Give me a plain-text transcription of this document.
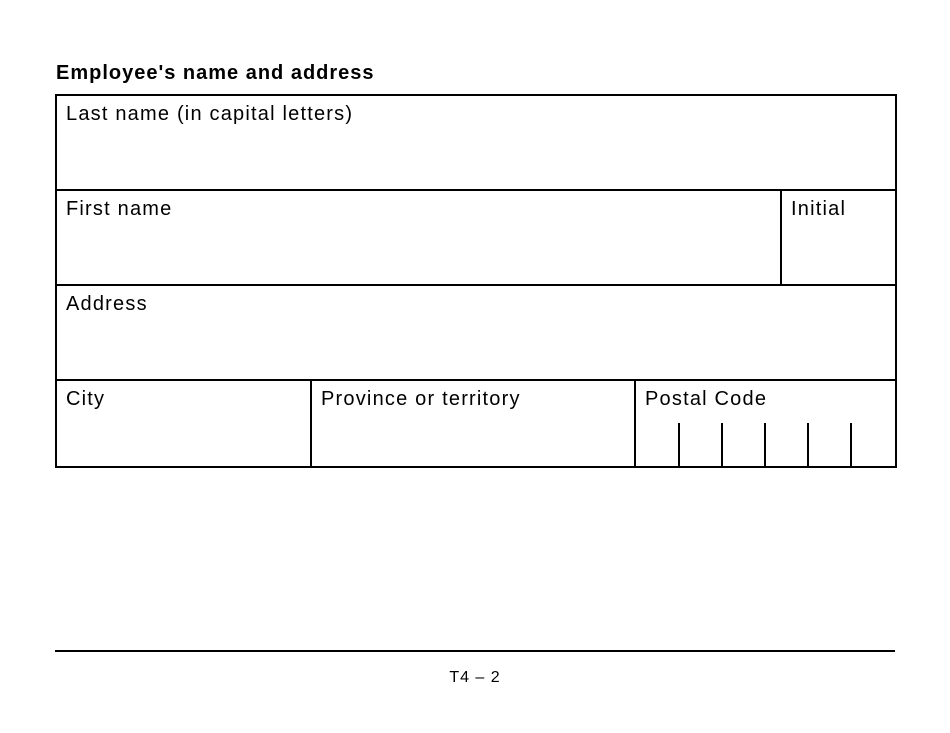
Employee's name and address
Last name (in capital letters)
First name	Initial
Address
City	Province or territory	Postal Code
T4 – 2
